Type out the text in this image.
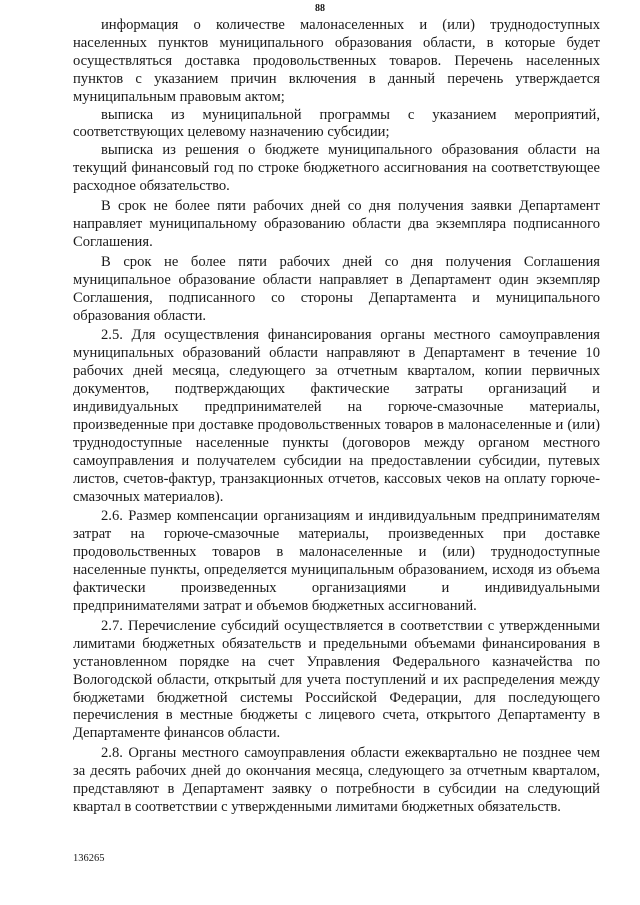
88

информация о количестве малонаселенных и (или) труднодоступных населенных пунктов муниципального образования области, в которые будет осуществляться доставка продовольственных товаров. Перечень населенных пунктов с указанием причин включения в данный перечень утверждается муниципальным правовым актом;

выписка из муниципальной программы с указанием мероприятий, соответствующих целевому назначению субсидии;

выписка из решения о бюджете муниципального образования области на текущий финансовый год по строке бюджетного ассигнования на соответствующее расходное обязательство.

В срок не более пяти рабочих дней со дня получения заявки Департамент направляет муниципальному образованию области два экземпляра подписанного Соглашения.

В срок не более пяти рабочих дней со дня получения Соглашения муниципальное образование области направляет в Департамент один экземпляр Соглашения, подписанного со стороны Департамента и муниципального образования области.

2.5. Для осуществления финансирования органы местного самоуправления муниципальных образований области направляют в Департамент в течение 10 рабочих дней месяца, следующего за отчетным кварталом, копии первичных документов, подтверждающих фактические затраты организаций и индивидуальных предпринимателей на горюче-смазочные материалы, произведенные при доставке продовольственных товаров в малонаселенные и (или) труднодоступные населенные пункты (договоров между органом местного самоуправления и получателем субсидии на предоставлении субсидии, путевых листов, счетов-фактур, транзакционных отчетов, кассовых чеков на оплату горюче-смазочных материалов).

2.6. Размер компенсации организациям и индивидуальным предпринимателям затрат на горюче-смазочные материалы, произведенных при доставке продовольственных товаров в малонаселенные и (или) труднодоступные населенные пункты, определяется муниципальным образованием, исходя из объема фактически произведенных организациями и индивидуальными предпринимателями затрат и объемов бюджетных ассигнований.

2.7. Перечисление субсидий осуществляется в соответствии с утвержденными лимитами бюджетных обязательств и предельными объемами финансирования в установленном порядке на счет Управления Федерального казначейства по Вологодской области, открытый для учета поступлений и их распределения между бюджетами бюджетной системы Российской Федерации, для последующего перечисления в местные бюджеты с лицевого счета, открытого Департаменту в Департаменте финансов области.

2.8. Органы местного самоуправления области ежеквартально не позднее чем за десять рабочих дней до окончания месяца, следующего за отчетным кварталом, представляют в Департамент заявку о потребности в субсидии на следующий квартал в соответствии с утвержденными лимитами бюджетных обязательств.

136265
